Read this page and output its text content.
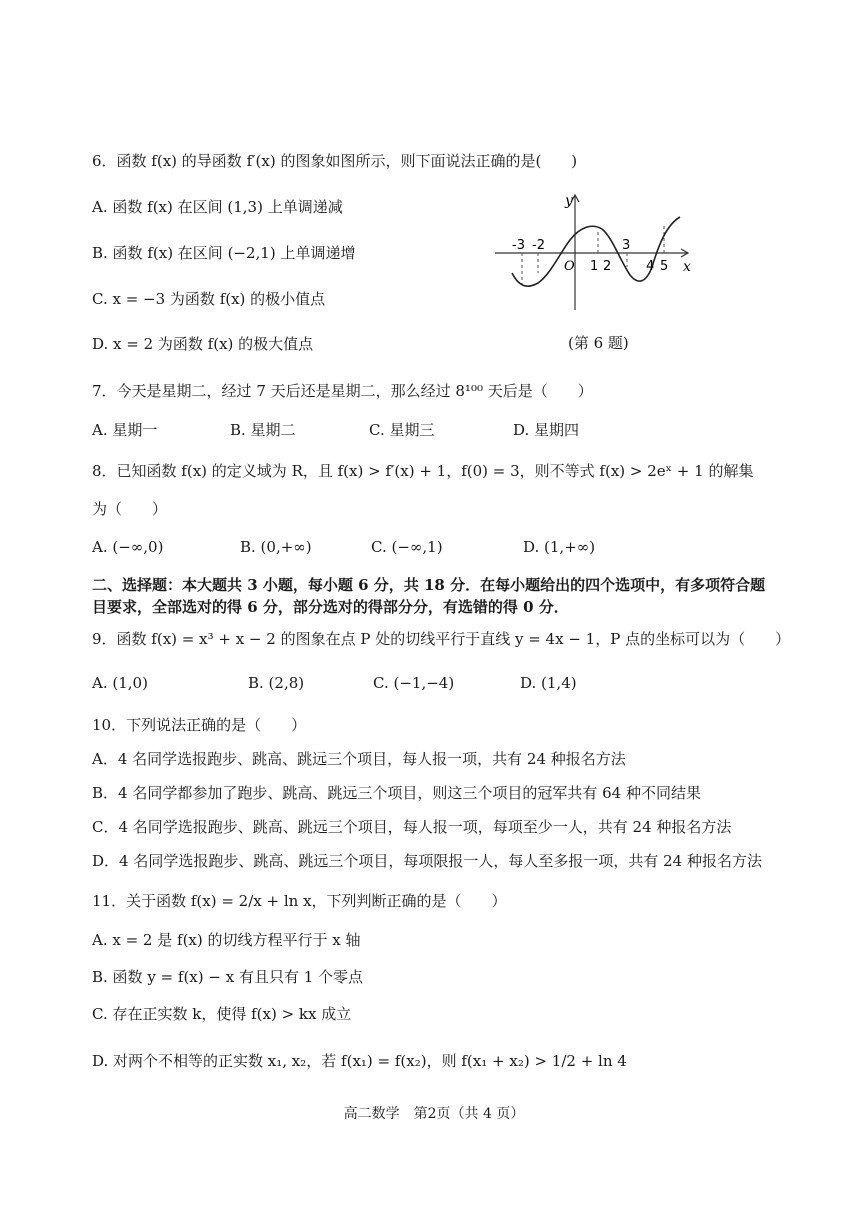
6．函数 f(x) 的导函数 f′(x) 的图象如图所示，则下面说法正确的是(　　)
A. 函数 f(x) 在区间 (1,3) 上单调递减
B. 函数 f(x) 在区间 (−2,1) 上单调递增
C. x = −3 为函数 f(x) 的极小值点
D. x = 2 为函数 f(x) 的极大值点
y
x
O
-3 -2
1 2
3
4 5
(第 6 题)
7．今天是星期二，经过 7 天后还是星期二，那么经过 8¹⁰⁰ 天后是（　　）
A. 星期一	B. 星期二	C. 星期三	D. 星期四
8．已知函数 f(x) 的定义域为 R，且 f(x) > f′(x) + 1，f(0) = 3，则不等式 f(x) > 2eˣ + 1 的解集
为（　　）
A. (−∞,0)	B. (0,+∞)	C. (−∞,1)	D. (1,+∞)
二、选择题：本大题共 3 小题，每小题 6 分，共 18 分．在每小题给出的四个选项中，有多项符合题
目要求，全部选对的得 6 分，部分选对的得部分分，有选错的得 0 分．
9．函数 f(x) = x³ + x − 2 的图象在点 P 处的切线平行于直线 y = 4x − 1，P 点的坐标可以为（　　）
A. (1,0)	B. (2,8)	C. (−1,−4)	D. (1,4)
10．下列说法正确的是（　　）
A．4 名同学选报跑步、跳高、跳远三个项目，每人报一项，共有 24 种报名方法
B．4 名同学都参加了跑步、跳高、跳远三个项目，则这三个项目的冠军共有 64 种不同结果
C．4 名同学选报跑步、跳高、跳远三个项目，每人报一项，每项至少一人，共有 24 种报名方法
D．4 名同学选报跑步、跳高、跳远三个项目，每项限报一人，每人至多报一项，共有 24 种报名方法
11．关于函数 f(x) = 2/x + ln x，下列判断正确的是（　　）
A. x = 2 是 f(x) 的切线方程平行于 x 轴
B. 函数 y = f(x) − x 有且只有 1 个零点
C. 存在正实数 k，使得 f(x) > kx 成立
D. 对两个不相等的正实数 x₁, x₂，若 f(x₁) = f(x₂)，则 f(x₁ + x₂) > 1/2 + ln 4
高二数学　第2页（共 4 页）
